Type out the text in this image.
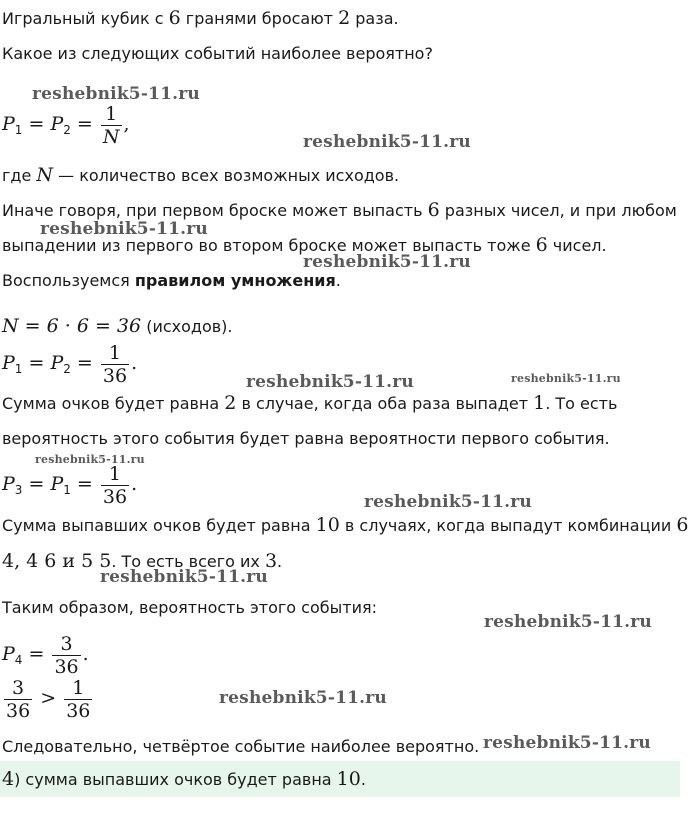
Игральный кубик с 6 гранями бросают 2 раза.
Какое из следующих событий наиболее вероятно?
$P_1 = P_2 = \frac{1}{N}$ ,
где N — количество всех возможных исходов.
Иначе говоря, при первом броске может выпасть 6 разных чисел, и при любом
выпадении из первого во втором броске может выпасть тоже 6 чисел.
Воспользуемся правилом умножения.
N = 6 · 6 = 36 (исходов).
$P_1 = P_2 = \frac{1}{36}$ .
Сумма очков будет равна 2 в случае, когда оба раза выпадет 1. То есть
вероятность этого события будет равна вероятности первого события.
$P_3 = P_1 = \frac{1}{36}$ .
Сумма выпавших очков будет равна 10 в случаях, когда выпадут комбинации 6
4, 4 6 и 5 5. То есть всего их 3.
Таким образом, вероятность этого события:
$P_4 = \frac{3}{36}$ .
$\frac{3}{36} > \frac{1}{36}$
Следовательно, четвёртое событие наиболее вероятно.
4) сумма выпавших очков будет равна 10.
reshebnik5-11.ru
reshebnik5-11.ru
reshebnik5-11.ru
reshebnik5-11.ru
reshebnik5-11.ru	reshebnik5-11.ru
reshebnik5-11.ru
reshebnik5-11.ru
reshebnik5-11.ru
reshebnik5-11.ru
reshebnik5-11.ru
reshebnik5-11.ru
